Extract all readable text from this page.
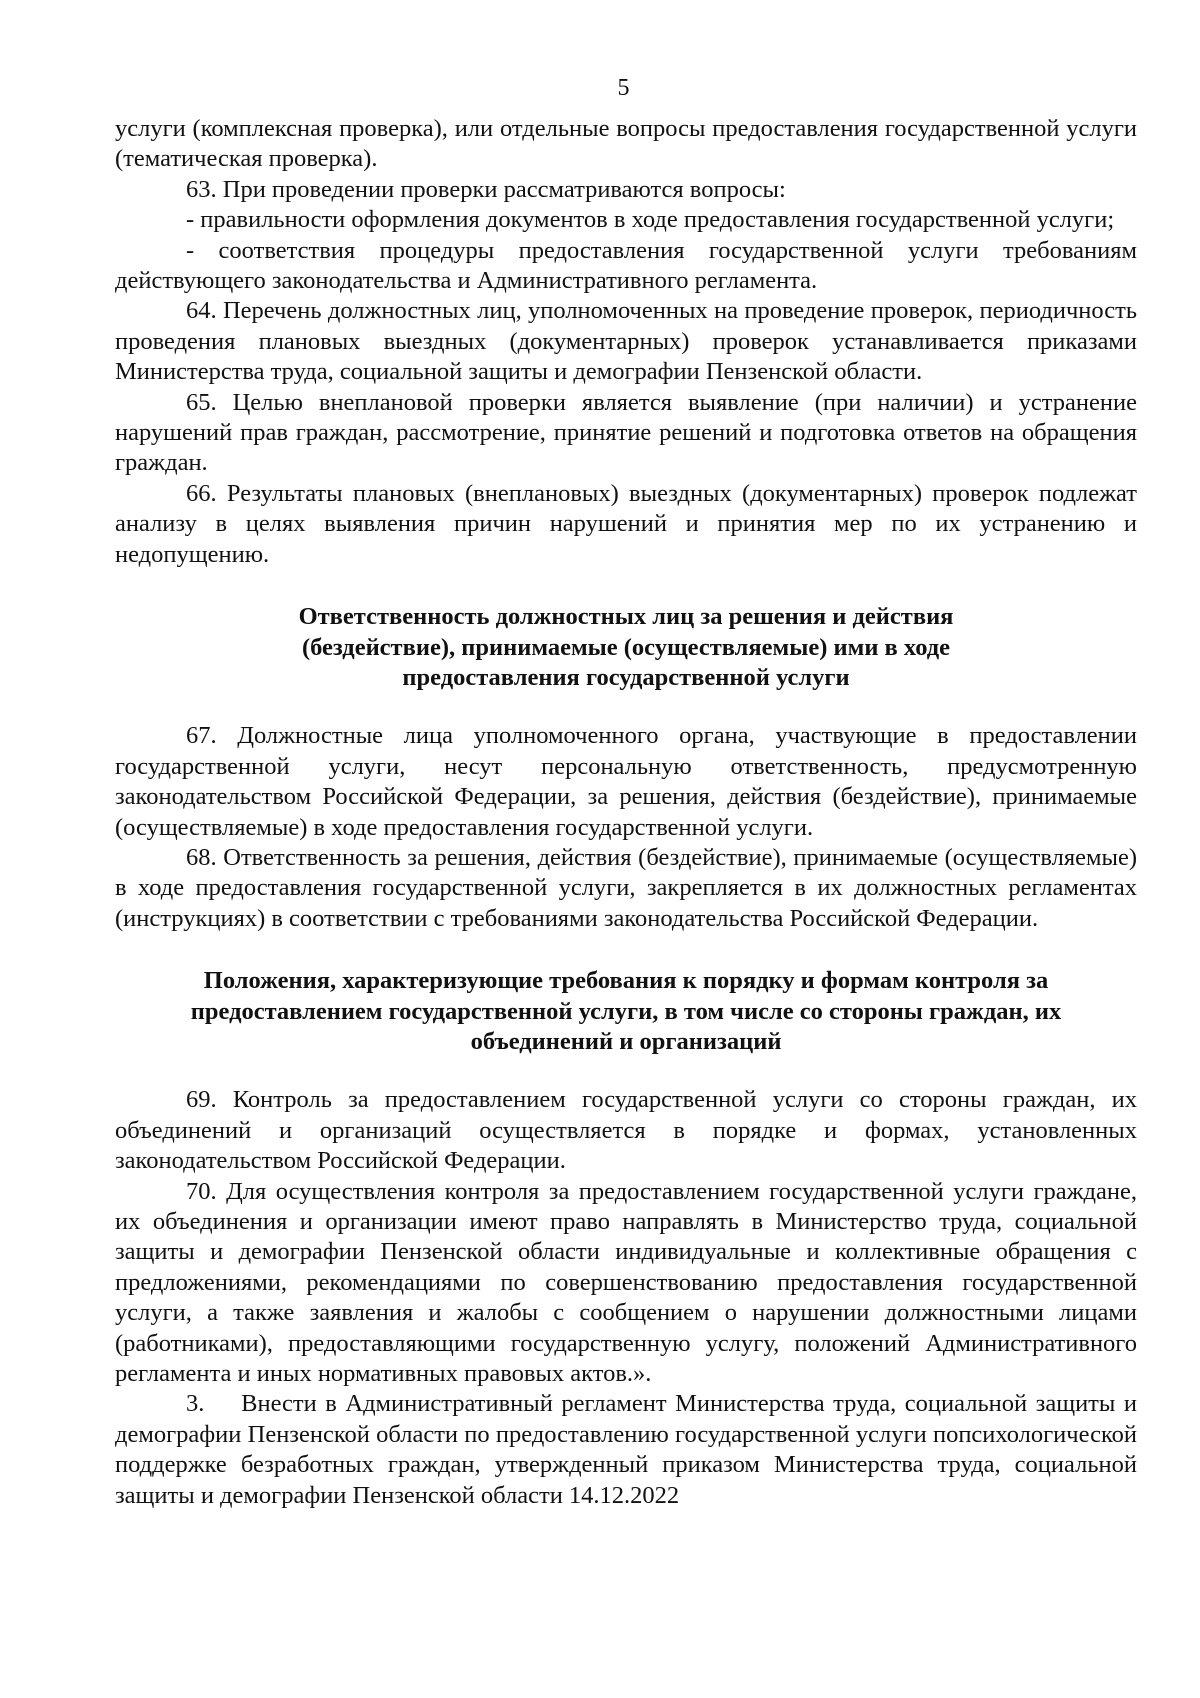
5

услуги (комплексная проверка), или отдельные вопросы предоставления государственной услуги (тематическая проверка).

63. При проведении проверки рассматриваются вопросы:

- правильности оформления документов в ходе предоставления государственной услуги;

- соответствия процедуры предоставления государственной услуги требованиям действующего законодательства и Административного регламента.

64. Перечень должностных лиц, уполномоченных на проведение проверок, периодичность проведения плановых выездных (документарных) проверок устанавливается приказами Министерства труда, социальной защиты и демографии Пензенской области.

65. Целью внеплановой проверки является выявление (при наличии) и устранение нарушений прав граждан, рассмотрение, принятие решений и подготовка ответов на обращения граждан.

66. Результаты плановых (внеплановых) выездных (документарных) проверок подлежат анализу в целях выявления причин нарушений и принятия мер по их устранению и недопущению.

Ответственность должностных лиц за решения и действия

(бездействие), принимаемые (осуществляемые) ими в ходе

предоставления государственной услуги

67. Должностные лица уполномоченного органа, участвующие в предоставлении государственной услуги, несут персональную ответственность, предусмотренную законодательством Российской Федерации, за решения, действия (бездействие), принимаемые (осуществляемые) в ходе предоставления государственной услуги.

68. Ответственность за решения, действия (бездействие), принимаемые (осуществляемые) в ходе предоставления государственной услуги, закрепляется в их должностных регламентах (инструкциях) в соответствии с требованиями законодательства Российской Федерации.

Положения, характеризующие требования к порядку и формам контроля за

предоставлением государственной услуги, в том числе со стороны граждан, их

объединений и организаций

69. Контроль за предоставлением государственной услуги со стороны граждан, их объединений и организаций осуществляется в порядке и формах, установленных законодательством Российской Федерации.

70. Для осуществления контроля за предоставлением государственной услуги граждане, их объединения и организации имеют право направлять в Министерство труда, социальной защиты и демографии Пензенской области индивидуальные и коллективные обращения с предложениями, рекомендациями по совершенствованию предоставления государственной услуги, а также заявления и жалобы с сообщением о нарушении должностными лицами (работниками), предоставляющими государственную услугу, положений Административного регламента и иных нормативных правовых актов.».

3.  Внести в Административный регламент Министерства труда, социальной защиты и демографии Пензенской области по предоставлению государственной услуги попсихологической поддержке безработных граждан, утвержденный приказом Министерства труда, социальной защиты и демографии Пензенской области 14.12.2022
